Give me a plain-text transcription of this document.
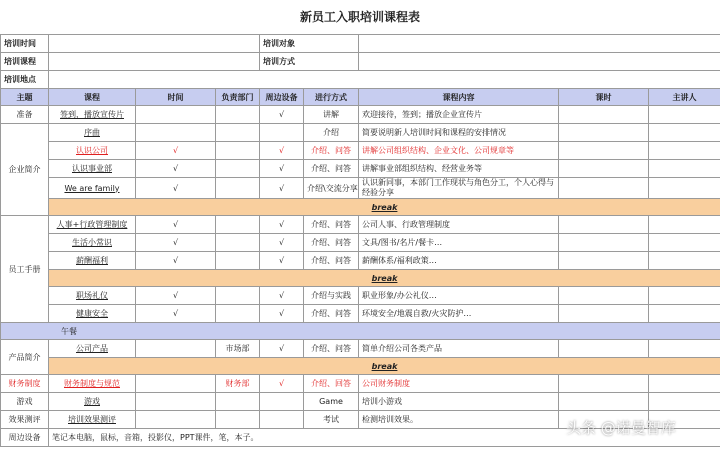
新员工入职培训课程表
培训时间				培训对象				
培训课程				培训方式				
培训地点								
主题	课程	时间	负责部门	周边设备	进行方式	课程内容	课时	主讲人
准备	签到，播放宣传片			√	讲解	欢迎接待，签到；播放企业宣传片		
企业简介	序曲				介绍	简要说明新人培训时间和课程的安排情况		
	认识公司	√		√	介绍、问答	讲解公司组织结构、企业文化、公司规章等		
	认识事业部	√		√	介绍、问答	讲解事业部组织结构、经营业务等		
	We are family	√		√	介绍\交流分享	认识新同事，本部门工作现状与角色分工，个人心得与经验分享		
	break							
员工手册	人事+行政管理制度	√		√	介绍、问答	公司人事、行政管理制度		
	生活小常识	√		√	介绍、问答	文具/图书/名片/餐卡…		
	薪酬福利	√		√	介绍、问答	薪酬体系/福利政策…		
	break							
	职场礼仪	√		√	介绍与实践	职业形象/办公礼仪…		
	健康安全	√		√	介绍、问答	环境安全/地震自救/火灾防护…		
午餐								
产品简介	公司产品		市场部	√	介绍、问答	简单介绍公司各类产品		
	break							
财务制度	财务制度与规范		财务部	√	介绍、回答	公司财务制度		
游戏	游戏				Game	培训小游戏		
效果测评	培训效果测评				考试	检测培训效果。		
周边设备	笔记本电脑，鼠标，音箱，投影仪，PPT课件，笔，本子。							
头条 @诺曼智库
